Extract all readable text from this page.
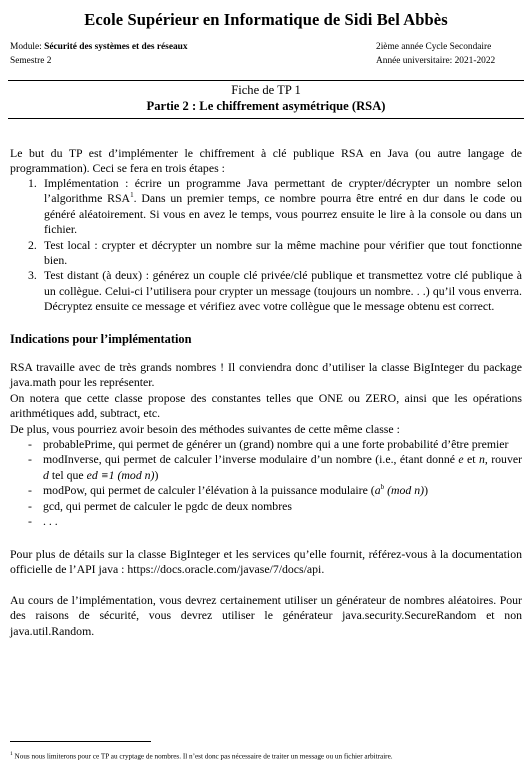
Ecole Supérieur en Informatique de Sidi Bel Abbès
Module: Sécurité des systèmes et des réseaux
Semestre 2
2ième année Cycle Secondaire
Année universitaire: 2021-2022
Fiche de TP 1
Partie 2 : Le chiffrement asymétrique (RSA)

Le but du TP est d’implémenter le chiffrement à clé publique RSA en Java (ou autre langage de programmation). Ceci se fera en trois étapes :

1. Implémentation : écrire un programme Java permettant de crypter/décrypter un nombre selon l’algorithme RSA$^1$. Dans un premier temps, ce nombre pourra être entré en dur dans le code ou généré aléatoirement. Si vous en avez le temps, vous pourrez ensuite le lire à la console ou dans un fichier.
2. Test local : crypter et décrypter un nombre sur la même machine pour vérifier que tout fonctionne bien.
3. Test distant (à deux) : générez un couple clé privée/clé publique et transmettez votre clé publique à un collègue. Celui-ci l’utilisera pour crypter un message (toujours un nombre. . .) qu’il vous enverra. Décryptez ensuite ce message et vérifiez avec votre collègue que le message obtenu est correct.
Indications pour l’implémentation

RSA travaille avec de très grands nombres ! Il conviendra donc d’utiliser la classe BigInteger du package java.math pour les représenter.

On notera que cette classe propose des constantes telles que ONE ou ZERO, ainsi que les opérations arithmétiques add, subtract, etc.

De plus, vous pourriez avoir besoin des méthodes suivantes de cette même classe :

- probablePrime, qui permet de générer un (grand) nombre qui a une forte probabilité d’être premier
- modInverse, qui permet de calculer l’inverse modulaire d’un nombre (i.e., étant donné e et n, rouver d tel que ed ≡1 (mod n))
- modPow, qui permet de calculer l’élévation à la puissance modulaire ($a^b$ (mod n))
- gcd, qui permet de calculer le pgdc de deux nombres
- . . .

Pour plus de détails sur la classe BigInteger et les services qu’elle fournit, référez-vous à la documentation officielle de l’API java : https://docs.oracle.com/javase/7/docs/api.

Au cours de l’implémentation, vous devrez certainement utiliser un générateur de nombres aléatoires. Pour des raisons de sécurité, vous devrez utiliser le générateur java.security.SecureRandom et non java.util.Random.

$^1$ Nous nous limiterons pour ce TP au cryptage de nombres. Il n’est donc pas nécessaire de traiter un message ou un fichier arbitraire.
